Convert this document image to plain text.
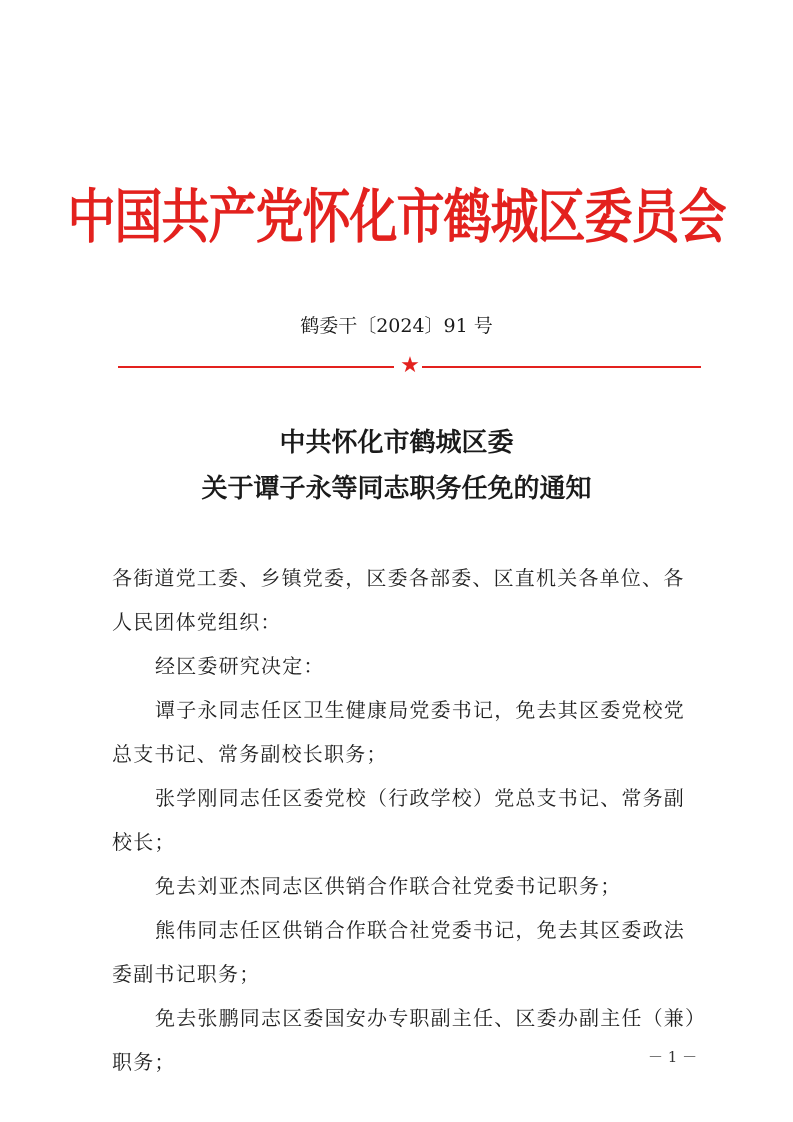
中国共产党怀化市鹤城区委员会
鹤委干〔2024〕91 号
★
中共怀化市鹤城区委
关于谭子永等同志职务任免的通知
各街道党工委、乡镇党委，区委各部委、区直机关各单位、各
人民团体党组织：
经区委研究决定：
谭子永同志任区卫生健康局党委书记，免去其区委党校党
总支书记、常务副校长职务；
张学刚同志任区委党校（行政学校）党总支书记、常务副
校长；
免去刘亚杰同志区供销合作联合社党委书记职务；
熊伟同志任区供销合作联合社党委书记，免去其区委政法
委副书记职务；
免去张鹏同志区委国安办专职副主任、区委办副主任（兼）
职务；	－ 1 －
